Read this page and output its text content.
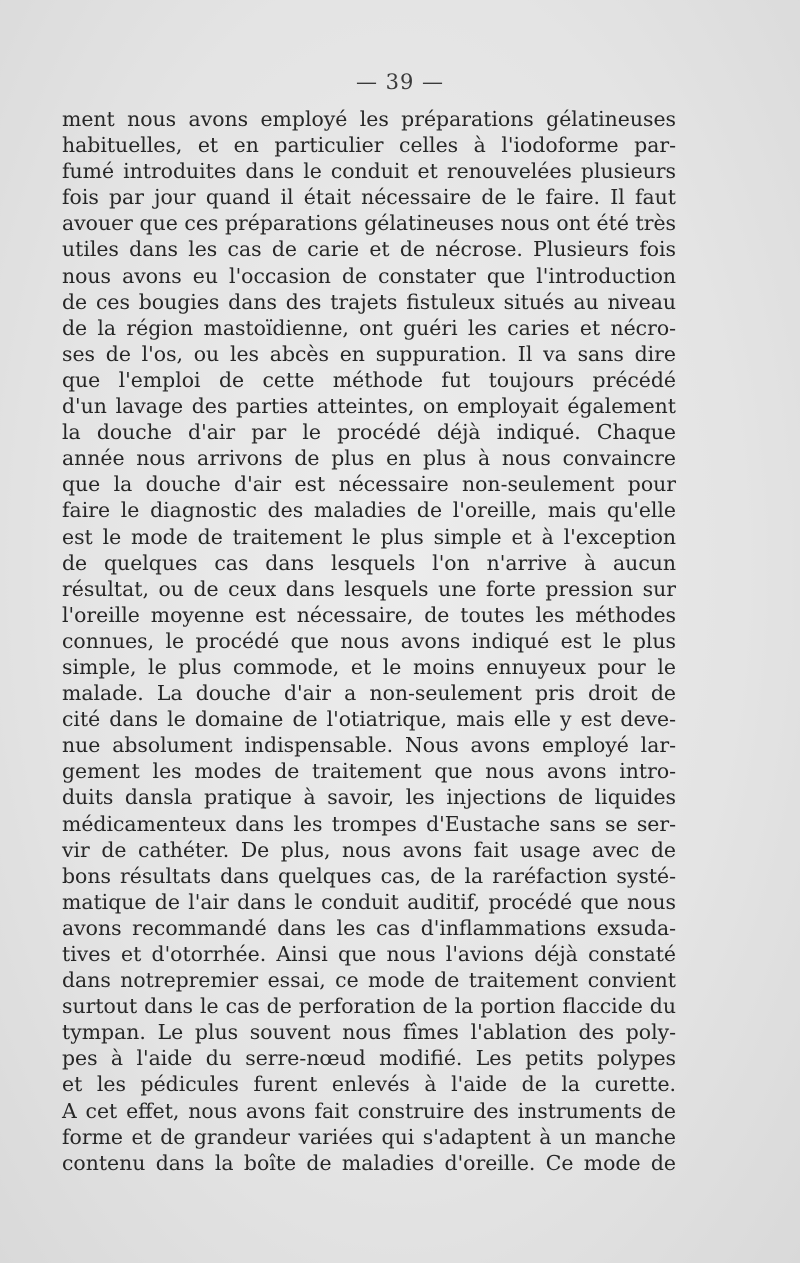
— 39 —
ment nous avons employé les préparations gélatineuses
habituelles, et en particulier celles à l'iodoforme par-
fumé introduites dans le conduit et renouvelées plusieurs
fois par jour quand il était nécessaire de le faire. Il faut
avouer que ces préparations gélatineuses nous ont été très
utiles dans les cas de carie et de nécrose. Plusieurs fois
nous avons eu l'occasion de constater que l'introduction
de ces bougies dans des trajets fistuleux situés au niveau
de la région mastoïdienne, ont guéri les caries et nécro-
ses de l'os, ou les abcès en suppuration. Il va sans dire
que l'emploi de cette méthode fut toujours précédé
d'un lavage des parties atteintes, on employait également
la douche d'air par le procédé déjà indiqué. Chaque
année nous arrivons de plus en plus à nous convaincre
que la douche d'air est nécessaire non-seulement pour
faire le diagnostic des maladies de l'oreille, mais qu'elle
est le mode de traitement le plus simple et à l'exception
de quelques cas dans lesquels l'on n'arrive à aucun
résultat, ou de ceux dans lesquels une forte pression sur
l'oreille moyenne est nécessaire, de toutes les méthodes
connues, le procédé que nous avons indiqué est le plus
simple, le plus commode, et le moins ennuyeux pour le
malade. La douche d'air a non-seulement pris droit de
cité dans le domaine de l'otiatrique, mais elle y est deve-
nue absolument indispensable. Nous avons employé lar-
gement les modes de traitement que nous avons intro-
duits dansla pratique à savoir, les injections de liquides
médicamenteux dans les trompes d'Eustache sans se ser-
vir de cathéter. De plus, nous avons fait usage avec de
bons résultats dans quelques cas, de la raréfaction systé-
matique de l'air dans le conduit auditif, procédé que nous
avons recommandé dans les cas d'inflammations exsuda-
tives et d'otorrhée. Ainsi que nous l'avions déjà constaté
dans notrepremier essai, ce mode de traitement convient
surtout dans le cas de perforation de la portion flaccide du
tympan. Le plus souvent nous fîmes l'ablation des poly-
pes à l'aide du serre-nœud modifié. Les petits polypes
et les pédicules furent enlevés à l'aide de la curette.
A cet effet, nous avons fait construire des instruments de
forme et de grandeur variées qui s'adaptent à un manche
contenu dans la boîte de maladies d'oreille. Ce mode de
